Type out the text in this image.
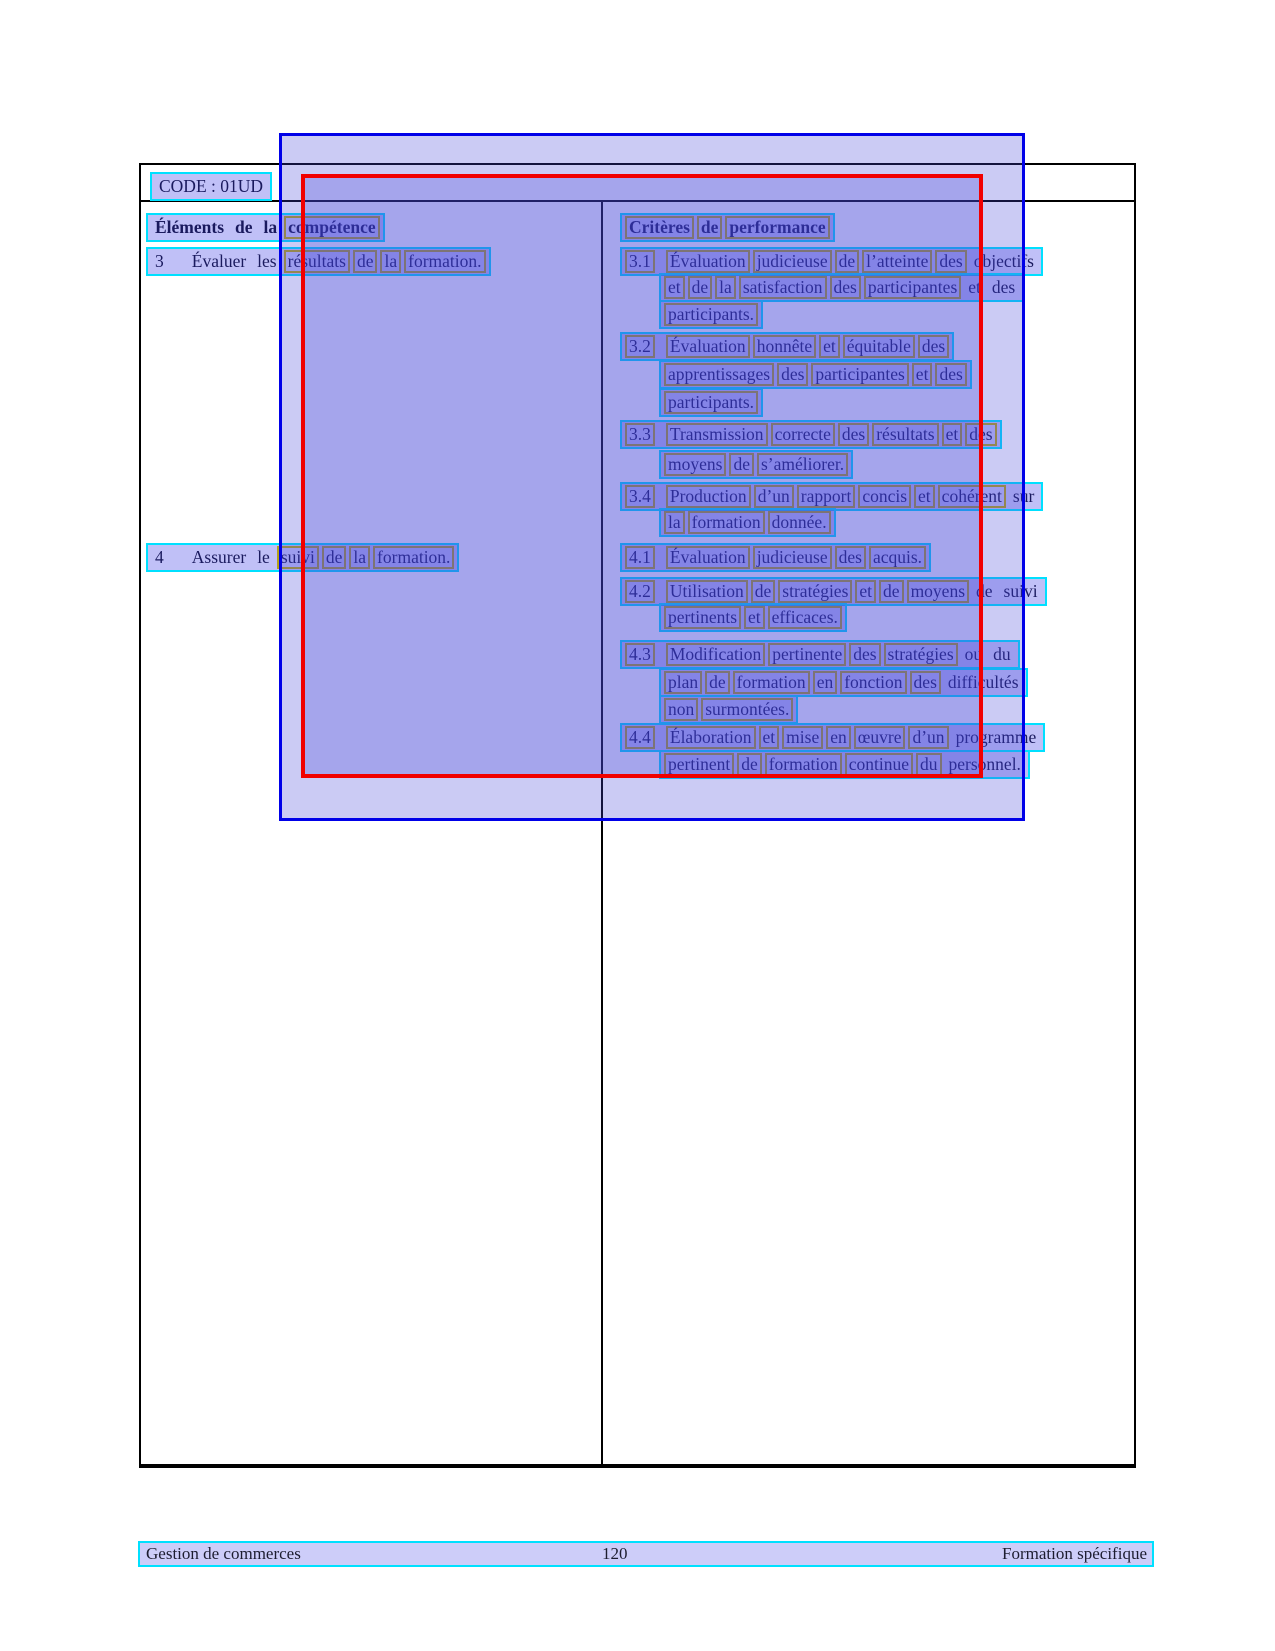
CODE : 01UD
Éléments de la compétence	Critères de performance
3 Évaluer les résultats de la formation.	3.1 Évaluation judicieuse de l’atteinte des objectifs
et de la satisfaction des participantes et des
participants.
3.2 Évaluation honnête et équitable des
apprentissages des participantes et des
participants.
3.3 Transmission correcte des résultats et des
moyens de s’améliorer.
3.4 Production d’un rapport concis et cohérent sur
la formation donnée.
4 Assurer le suivi de la formation.	4.1 Évaluation judicieuse des acquis.
4.2 Utilisation de stratégies et de moyens de suivi
pertinents et efficaces.
4.3 Modification pertinente des stratégies ou du
plan de formation en fonction des difficultés
non surmontées.
4.4 Élaboration et mise en œuvre d’un programme
pertinent de formation continue du personnel.
Gestion de commerces	120	Formation spécifique
